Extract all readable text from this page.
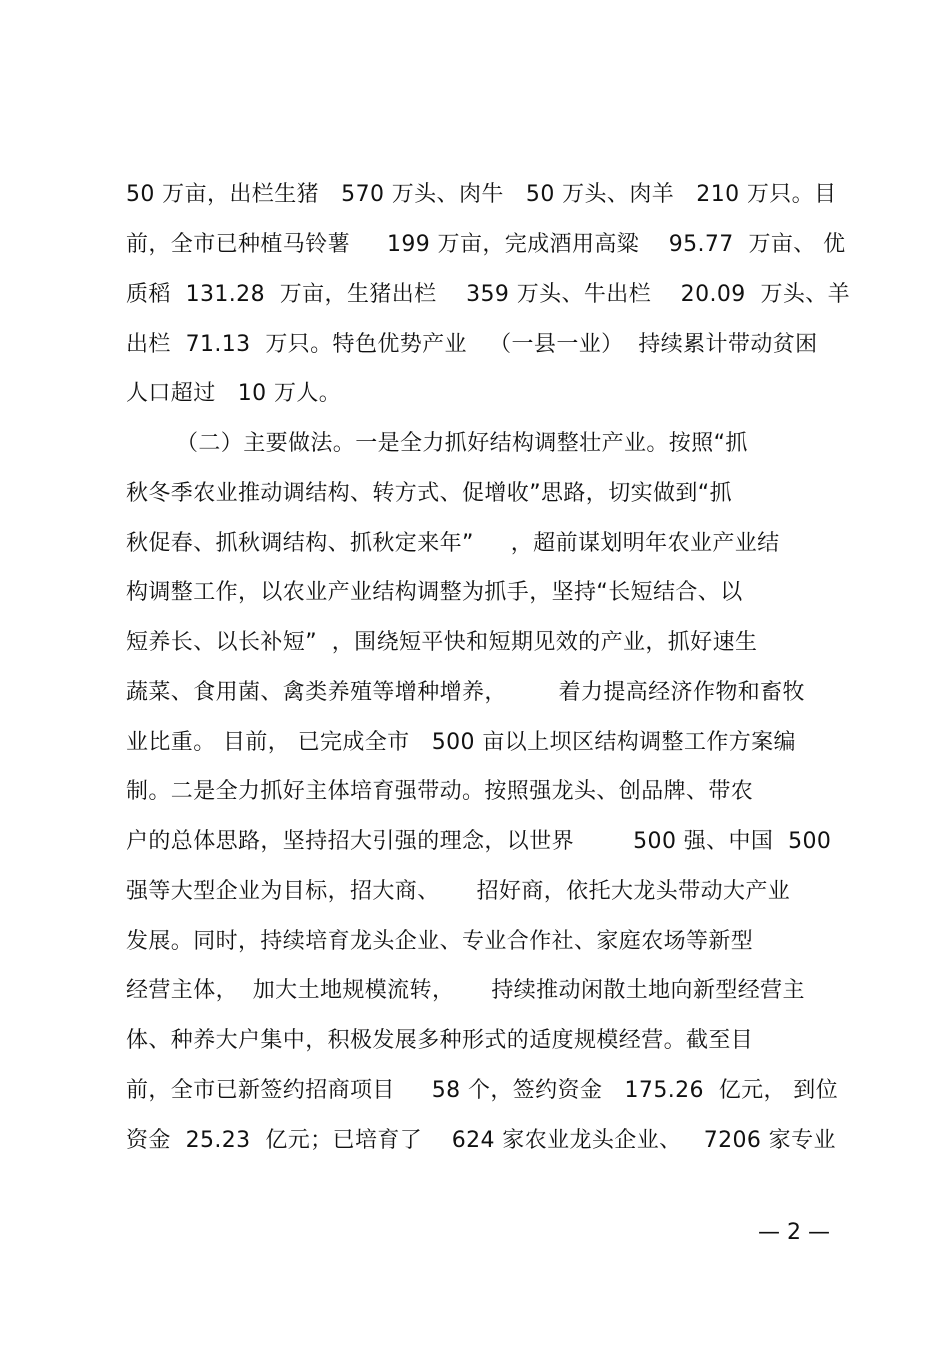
50 万亩，出栏生猪   570 万头、肉牛   50 万头、肉羊   210 万只。目
前，全市已种植马铃薯     199 万亩，完成酒用高粱    95.77  万亩、 优
质稻  131.28  万亩，生猪出栏    359 万头、牛出栏    20.09  万头、羊
出栏  71.13  万只。特色优势产业   （一县一业）  持续累计带动贫困
人口超过   10 万人。
（二）主要做法。一是全力抓好结构调整壮产业。按照“抓
秋冬季农业推动调结构、转方式、促增收”思路，切实做到“抓
秋促春、抓秋调结构、抓秋定来年”     ，超前谋划明年农业产业结
构调整工作，以农业产业结构调整为抓手，坚持“长短结合、以
短养长、以长补短”  ，围绕短平快和短期见效的产业，抓好速生
蔬菜、食用菌、禽类养殖等增种增养，       着力提高经济作物和畜牧
业比重。 目前， 已完成全市   500 亩以上坝区结构调整工作方案编
制。二是全力抓好主体培育强带动。按照强龙头、创品牌、带农
户的总体思路，坚持招大引强的理念，以世界        500 强、中国  500
强等大型企业为目标，招大商、     招好商，依托大龙头带动大产业
发展。同时，持续培育龙头企业、专业合作社、家庭农场等新型
经营主体，  加大土地规模流转，     持续推动闲散土地向新型经营主
体、种养大户集中，积极发展多种形式的适度规模经营。截至目
前，全市已新签约招商项目     58 个，签约资金   175.26  亿元， 到位
资金  25.23  亿元；已培育了    624 家农业龙头企业、   7206 家专业
— 2 —
